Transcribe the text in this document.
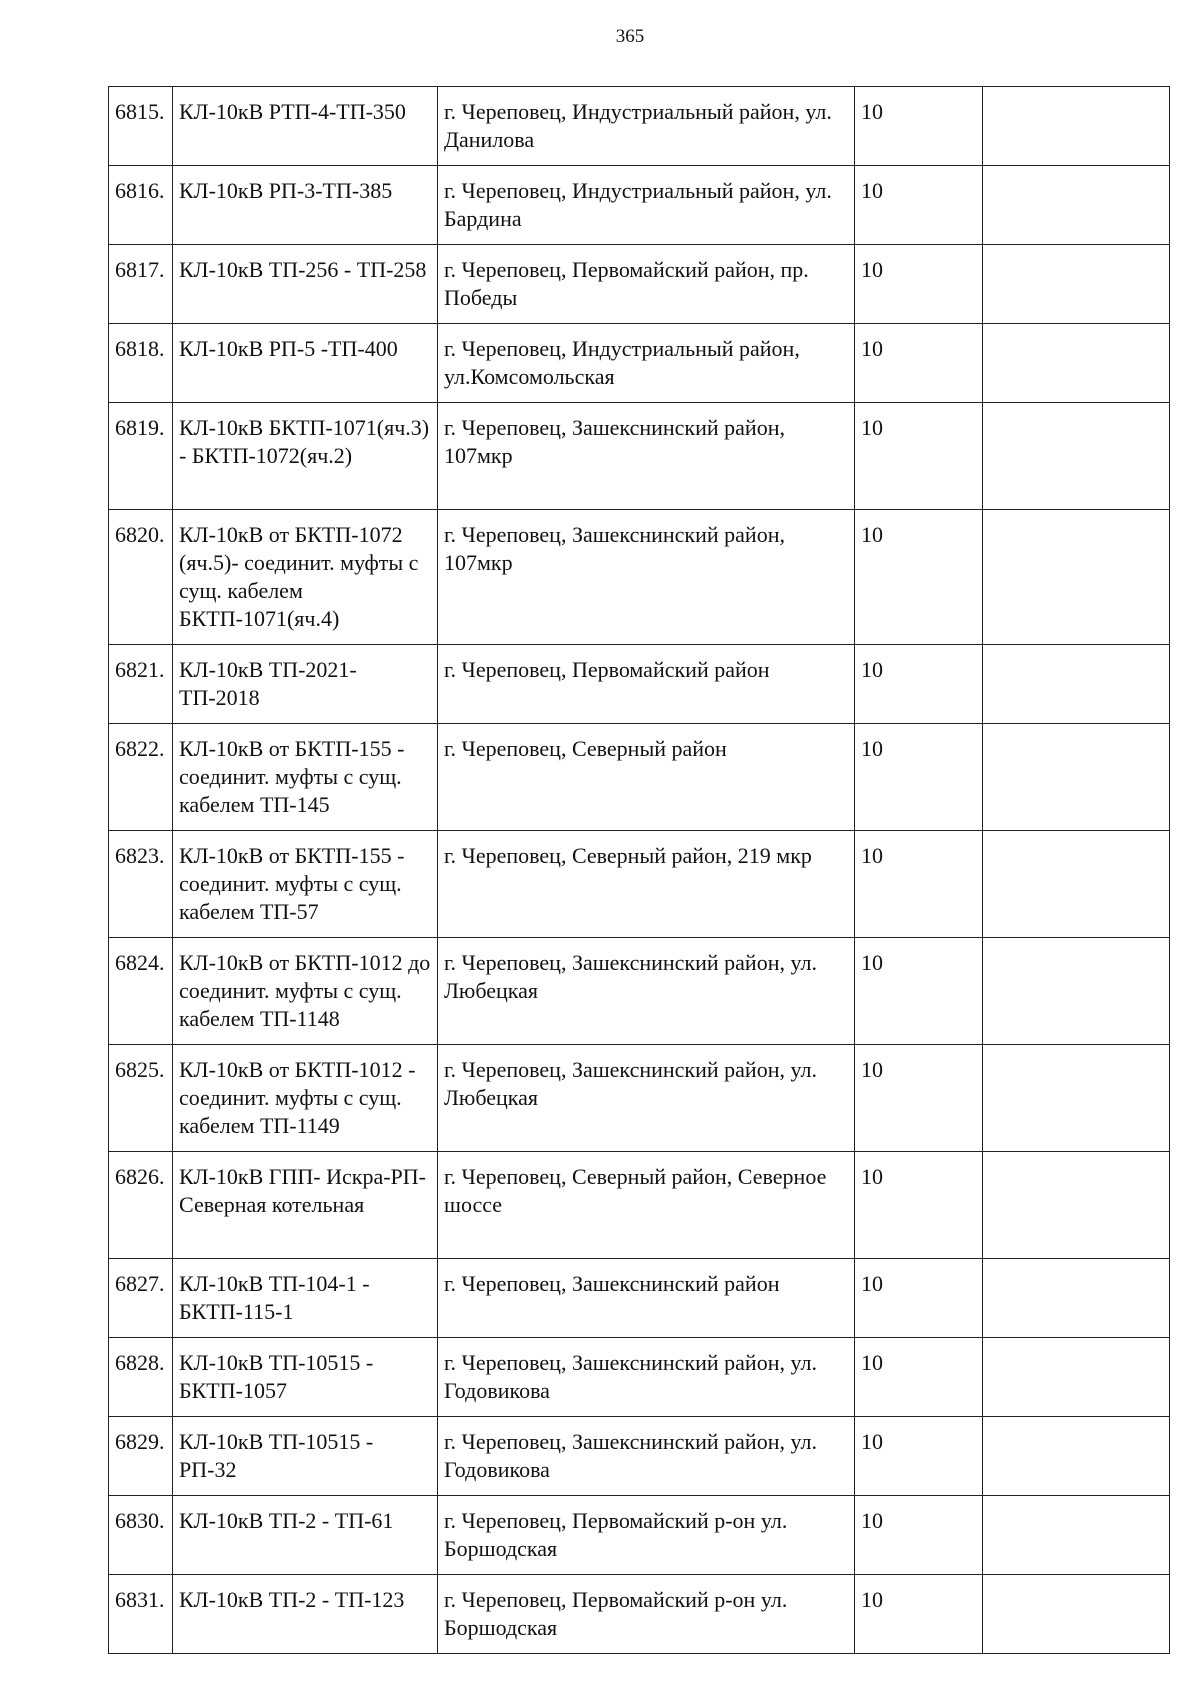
365
6815.	КЛ-10кВ РТП-4-ТП-350	г. Череповец, Индустриальный район, ул. Данилова	10	
6816.	КЛ-10кВ РП-3-ТП-385	г. Череповец, Индустриальный район, ул. Бардина	10	
6817.	КЛ-10кВ ТП-256 - ТП-258	г. Череповец, Первомайский район, пр. Победы	10	
6818.	КЛ-10кВ РП-5 -ТП-400	г. Череповец, Индустриальный район, ул.Комсомольская	10	
6819.	КЛ-10кВ БКТП-1071(яч.3) - БКТП-1072(яч.2)	г. Череповец, Зашекснинский район, 107мкр	10	
6820.	КЛ-10кВ от БКТП-1072 (яч.5)- соединит. муфты с сущ. кабелем БКТП-1071(яч.4)	г. Череповец, Зашекснинский район, 107мкр	10	
6821.	КЛ-10кВ ТП-2021- ТП-2018	г. Череповец, Первомайский район	10	
6822.	КЛ-10кВ от БКТП-155 - соединит. муфты с сущ. кабелем ТП-145	г. Череповец, Северный район	10	
6823.	КЛ-10кВ от БКТП-155 - соединит. муфты с сущ. кабелем ТП-57	г. Череповец, Северный район, 219 мкр	10	
6824.	КЛ-10кВ от БКТП-1012 до соединит. муфты с сущ. кабелем ТП-1148	г. Череповец, Зашекснинский район, ул. Любецкая	10	
6825.	КЛ-10кВ от БКТП-1012 - соединит. муфты с сущ. кабелем ТП-1149	г. Череповец, Зашекснинский район, ул. Любецкая	10	
6826.	КЛ-10кВ ГПП- Искра-РП- Северная котельная	г. Череповец, Северный район, Северное шоссе	10	
6827.	КЛ-10кВ ТП-104-1 - БКТП-115-1	г. Череповец, Зашекснинский район	10	
6828.	КЛ-10кВ ТП-10515 - БКТП-1057	г. Череповец, Зашекснинский район, ул. Годовикова	10	
6829.	КЛ-10кВ ТП-10515 - РП-32	г. Череповец, Зашекснинский район, ул. Годовикова	10	
6830.	КЛ-10кВ ТП-2 - ТП-61	г. Череповец, Первомайский р-он ул. Боршодская	10	
6831.	КЛ-10кВ ТП-2 - ТП-123	г. Череповец, Первомайский р-он ул. Боршодская	10	
